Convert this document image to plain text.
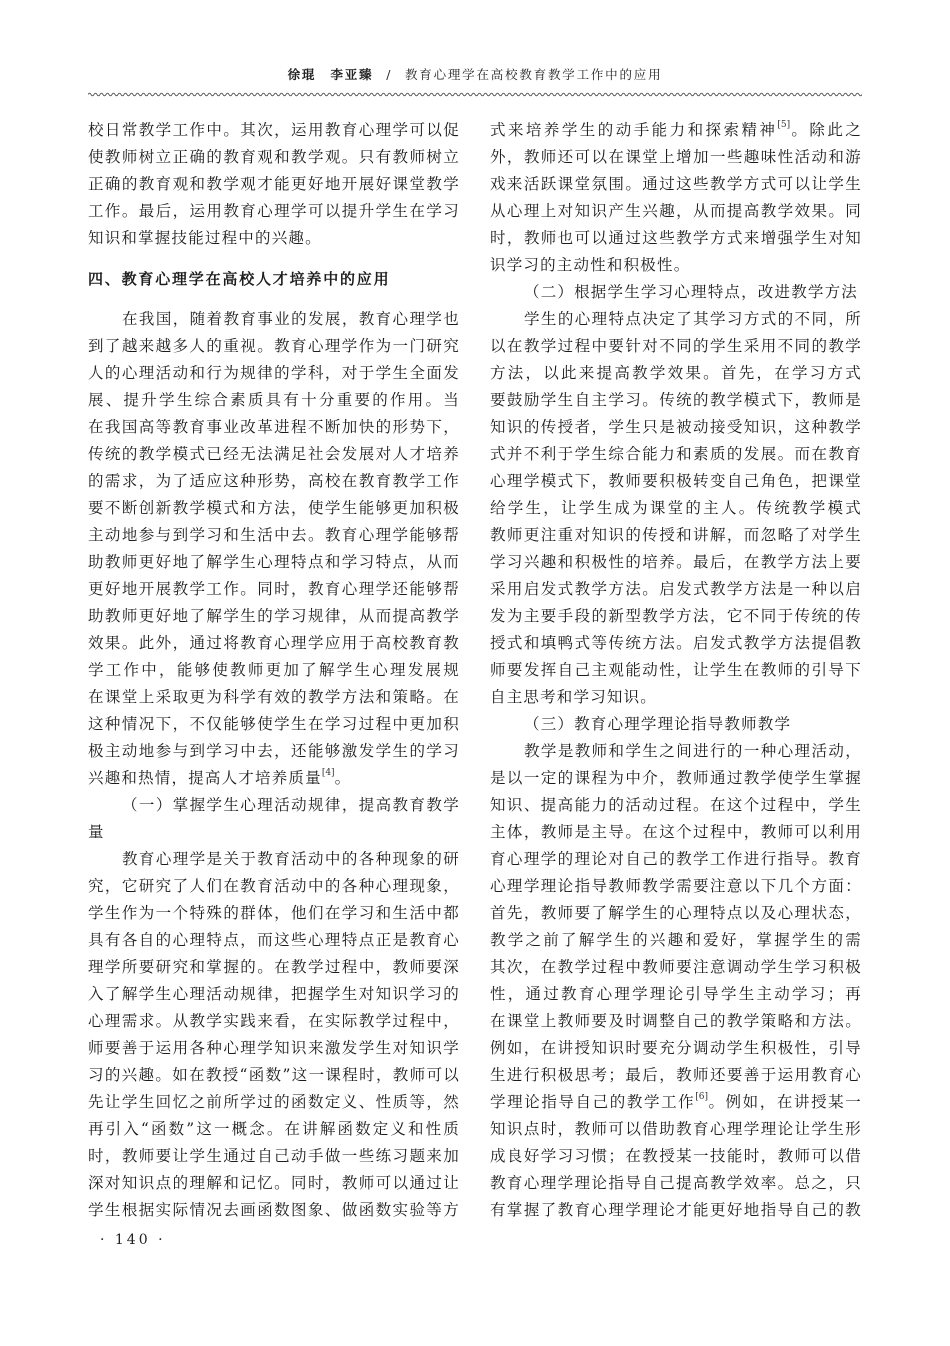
徐琨　李亚臻 / 教育心理学在高校教育教学工作中的应用
校日常教学工作中。其次，运用教育心理学可以促
使教师树立正确的教育观和教学观。只有教师树立
正确的教育观和教学观才能更好地开展好课堂教学
工作。最后，运用教育心理学可以提升学生在学习
知识和掌握技能过程中的兴趣。
四、教育心理学在高校人才培养中的应用
在我国，随着教育事业的发展，教育心理学也
到了越来越多人的重视。教育心理学作为一门研究
人的心理活动和行为规律的学科，对于学生全面发
展、提升学生综合素质具有十分重要的作用。当
在我国高等教育事业改革进程不断加快的形势下，
传统的教学模式已经无法满足社会发展对人才培养
的需求，为了适应这种形势，高校在教育教学工作
要不断创新教学模式和方法，使学生能够更加积极
主动地参与到学习和生活中去。教育心理学能够帮
助教师更好地了解学生心理特点和学习特点，从而
更好地开展教学工作。同时，教育心理学还能够帮
助教师更好地了解学生的学习规律，从而提高教学
效果。此外，通过将教育心理学应用于高校教育教
学工作中，能够使教师更加了解学生心理发展规
在课堂上采取更为科学有效的教学方法和策略。在
这种情况下，不仅能够使学生在学习过程中更加积
极主动地参与到学习中去，还能够激发学生的学习
兴趣和热情，提高人才培养质量[4]。
（一）掌握学生心理活动规律，提高教育教学
量
教育心理学是关于教育活动中的各种现象的研
究，它研究了人们在教育活动中的各种心理现象，
学生作为一个特殊的群体，他们在学习和生活中都
具有各自的心理特点，而这些心理特点正是教育心
理学所要研究和掌握的。在教学过程中，教师要深
入了解学生心理活动规律，把握学生对知识学习的
心理需求。从教学实践来看，在实际教学过程中，
师要善于运用各种心理学知识来激发学生对知识学
习的兴趣。如在教授“函数”这一课程时，教师可以
先让学生回忆之前所学过的函数定义、性质等，然
再引入“函数”这一概念。在讲解函数定义和性质
时，教师要让学生通过自己动手做一些练习题来加
深对知识点的理解和记忆。同时，教师可以通过让
学生根据实际情况去画函数图象、做函数实验等方
式来培养学生的动手能力和探索精神[5]。除此之
外，教师还可以在课堂上增加一些趣味性活动和游
戏来活跃课堂氛围。通过这些教学方式可以让学生
从心理上对知识产生兴趣，从而提高教学效果。同
时，教师也可以通过这些教学方式来增强学生对知
识学习的主动性和积极性。
（二）根据学生学习心理特点，改进教学方法
学生的心理特点决定了其学习方式的不同，所
以在教学过程中要针对不同的学生采用不同的教学
方法，以此来提高教学效果。首先，在学习方式
要鼓励学生自主学习。传统的教学模式下，教师是
知识的传授者，学生只是被动接受知识，这种教学
式并不利于学生综合能力和素质的发展。而在教育
心理学模式下，教师要积极转变自己角色，把课堂
给学生，让学生成为课堂的主人。传统教学模式
教师更注重对知识的传授和讲解，而忽略了对学生
学习兴趣和积极性的培养。最后，在教学方法上要
采用启发式教学方法。启发式教学方法是一种以启
发为主要手段的新型教学方法，它不同于传统的传
授式和填鸭式等传统方法。启发式教学方法提倡教
师要发挥自己主观能动性，让学生在教师的引导下
自主思考和学习知识。
（三）教育心理学理论指导教师教学
教学是教师和学生之间进行的一种心理活动，
是以一定的课程为中介，教师通过教学使学生掌握
知识、提高能力的活动过程。在这个过程中，学生
主体，教师是主导。在这个过程中，教师可以利用
育心理学的理论对自己的教学工作进行指导。教育
心理学理论指导教师教学需要注意以下几个方面：
首先，教师要了解学生的心理特点以及心理状态，
教学之前了解学生的兴趣和爱好，掌握学生的需
其次，在教学过程中教师要注意调动学生学习积极
性，通过教育心理学理论引导学生主动学习；再
在课堂上教师要及时调整自己的教学策略和方法。
例如，在讲授知识时要充分调动学生积极性，引导
生进行积极思考；最后，教师还要善于运用教育心
学理论指导自己的教学工作[6]。例如，在讲授某一
知识点时，教师可以借助教育心理学理论让学生形
成良好学习习惯；在教授某一技能时，教师可以借
教育心理学理论指导自己提高教学效率。总之，只
有掌握了教育心理学理论才能更好地指导自己的教
· 140 ·
